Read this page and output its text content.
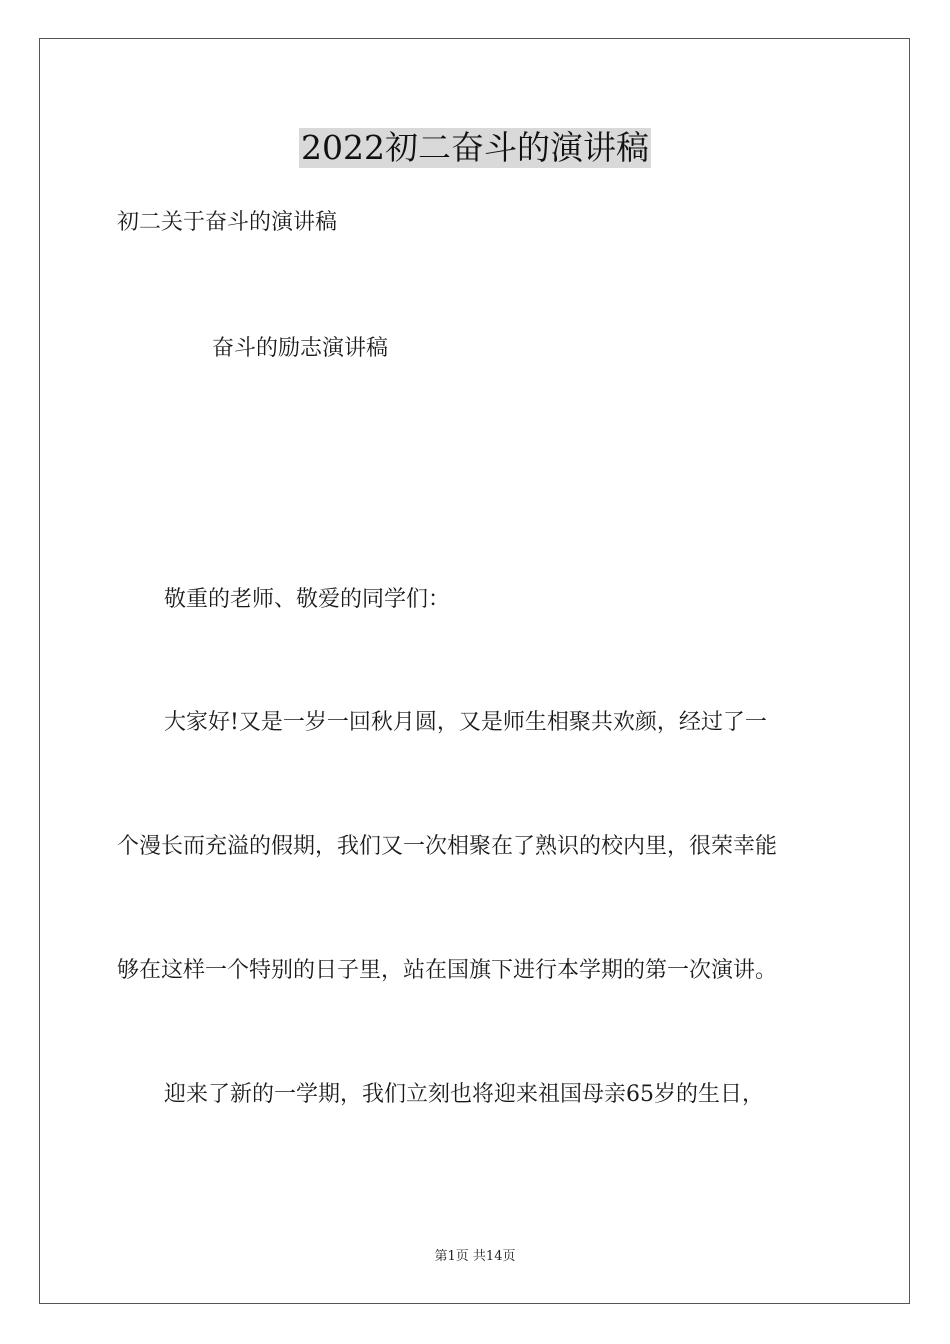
2022初二奋斗的演讲稿
初二关于奋斗的演讲稿
奋斗的励志演讲稿
敬重的老师、敬爱的同学们：
大家好!又是一岁一回秋月圆，又是师生相聚共欢颜，经过了一
个漫长而充溢的假期，我们又一次相聚在了熟识的校内里，很荣幸能
够在这样一个特别的日子里，站在国旗下进行本学期的第一次演讲。
迎来了新的一学期，我们立刻也将迎来祖国母亲65岁的生日，
第1页 共14页
